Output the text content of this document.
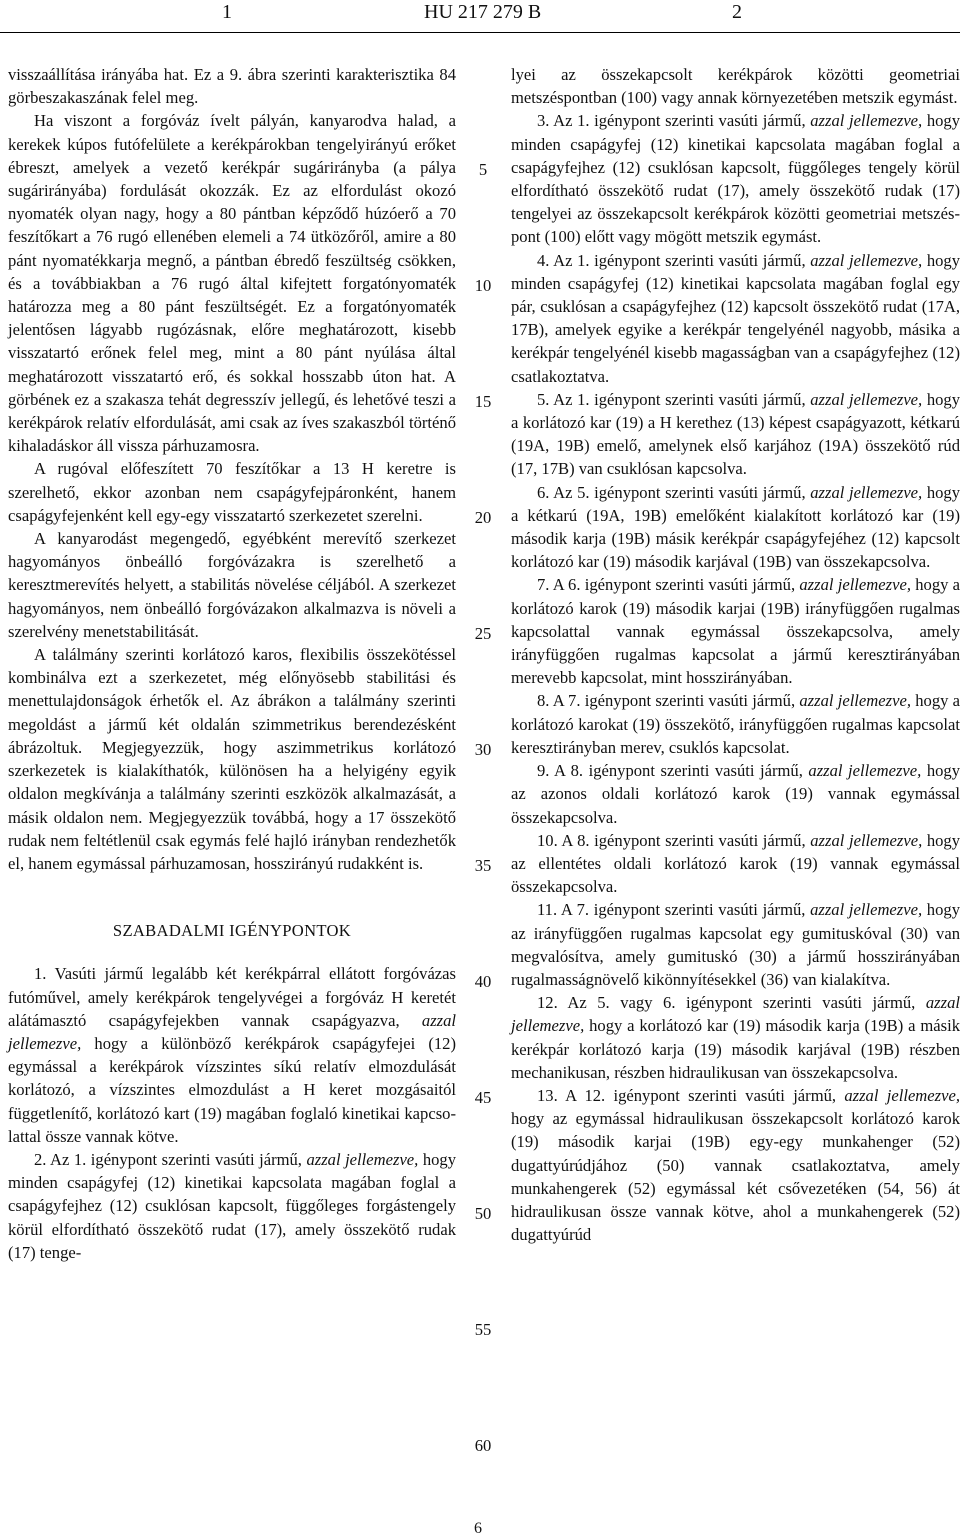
1	HU 217 279 B	2

visszaállítása irányába hat. Ez a 9. ábra szerinti karakterisztika 84 görbeszakaszának felel meg.

Ha viszont a forgóváz ívelt pályán, kanyarodva halad, a kerekek kúpos futófelülete a kerékpárokban tengelyirányú erőket ébreszt, amelyek a vezető kerékpár sugárirányba (a pálya sugárirányába) fordulását okozzák. Ez az elfordulást okozó nyomaték olyan nagy, hogy a 80 pántban képződő húzóerő a 70 feszítőkart a 76 rugó ellenében elemeli a 74 ütközőről, amire a 80 pánt nyomatékkarja megnő, a pántban ébredő feszültség csökken, és a továbbiakban a 76 rugó által kifejtett forgatónyomaték határozza meg a 80 pánt feszültségét. Ez a forgatónyomaték jelentősen lágyabb rugózásnak, előre meghatározott, kisebb visszatartó erőnek felel meg, mint a 80 pánt nyúlása által meghatározott visszatartó erő, és sokkal hosszabb úton hat. A görbének ez a szakasza tehát degresszív jellegű, és lehetővé teszi a kerékpárok relatív elfordulását, ami csak az íves szakaszból történő kihaladáskor áll vissza párhuzamosra.

A rugóval előfeszített 70 feszítőkar a 13 H keretre is szerelhető, ekkor azonban nem csapágyfejpáronként, hanem csapágyfejenként kell egy-egy visszatartó szerkezetet szerelni.

A kanyarodást megengedő, egyébként merevítő szerkezet hagyományos önbeálló forgóvázakra is szerelhető a keresztmerevítés helyett, a stabilitás növelése céljából. A szerkezet hagyományos, nem önbeálló forgóvázakon alkalmazva is növeli a szerelvény menetstabilitását.

A találmány szerinti korlátozó karos, flexibilis összekötéssel kombinálva ezt a szerkezetet, még előnyösebb stabilitási és menettulajdonságok érhetők el. Az ábrákon a találmány szerinti megoldást a jármű két oldalán szimmetrikus berendezésként ábrázoltuk. Megjegyezzük, hogy aszimmetrikus korlátozó szerkezetek is kialakíthatók, különösen ha a helyigény egyik oldalon megkívánja a találmány szerinti eszközök alkalmazását, a másik oldalon nem. Megjegyezzük továbbá, hogy a 17 összekötő rudak nem feltétlenül csak egymás felé hajló irányban rendezhetők el, hanem egymással párhuzamosan, hosszirányú rudakként is.

SZABADALMI IGÉNYPONTOK

1. Vasúti jármű legalább két kerékpárral ellátott forgóvázas futóművel, amely kerékpárok tengelyvégei a forgóváz H keretét alátámasztó csapágyfejekben vannak csapágyazva, azzal jellemezve, hogy a különböző kerékpárok csapágyfejei (12) egymással a kerékpárok vízszintes síkú relatív elmozdulását korlátozó, a vízszintes elmozdulást a H keret mozgásaitól függetlenítő, korlátozó kart (19) magában foglaló kinetikai kapcsolattal össze vannak kötve.

2. Az 1. igénypont szerinti vasúti jármű, azzal jellemezve, hogy minden csapágyfej (12) kinetikai kapcsolata magában foglal a csapágyfejhez (12) csuklósan kapcsolt, függőleges forgástengely körül elfordítható összekötő rudat (17), amely összekötő rudak (17) tenge-

5
10
15
20
25
30
35
40
45
50
55
60

lyei az összekapcsolt kerékpárok közötti geometriai metszéspontban (100) vagy annak környezetében metszik egymást.

3. Az 1. igénypont szerinti vasúti jármű, azzal jellemezve, hogy minden csapágyfej (12) kinetikai kapcsolata magában foglal a csapágyfejhez (12) csuklósan kapcsolt, függőleges tengely körül elfordítható összekötő rudat (17), amely összekötő rudak (17) tengelyei az összekapcsolt kerékpárok közötti geometriai metszéspont (100) előtt vagy mögött metszik egymást.

4. Az 1. igénypont szerinti vasúti jármű, azzal jellemezve, hogy minden csapágyfej (12) kinetikai kapcsolata magában foglal egy pár, csuklósan a csapágyfejhez (12) kapcsolt összekötő rudat (17A, 17B), amelyek egyike a kerékpár tengelyénél nagyobb, másika a kerékpár tengelyénél kisebb magasságban van a csapágyfejhez (12) csatlakoztatva.

5. Az 1. igénypont szerinti vasúti jármű, azzal jellemezve, hogy a korlátozó kar (19) a H kerethez (13) képest csapágyazott, kétkarú (19A, 19B) emelő, amelynek első karjához (19A) összekötő rúd (17, 17B) van csuklósan kapcsolva.

6. Az 5. igénypont szerinti vasúti jármű, azzal jellemezve, hogy a kétkarú (19A, 19B) emelőként kialakított korlátozó kar (19) második karja (19B) másik kerékpár csapágyfejéhez (12) kapcsolt korlátozó kar (19) második karjával (19B) van összekapcsolva.

7. A 6. igénypont szerinti vasúti jármű, azzal jellemezve, hogy a korlátozó karok (19) második karjai (19B) irányfüggően rugalmas kapcsolattal vannak egymással összekapcsolva, amely irányfüggően rugalmas kapcsolat a jármű keresztirányában merevebb kapcsolat, mint hosszirányában.

8. A 7. igénypont szerinti vasúti jármű, azzal jellemezve, hogy a korlátozó karokat (19) összekötő, irányfüggően rugalmas kapcsolat keresztirányban merev, csuklós kapcsolat.

9. A 8. igénypont szerinti vasúti jármű, azzal jellemezve, hogy az azonos oldali korlátozó karok (19) vannak egymással összekapcsolva.

10. A 8. igénypont szerinti vasúti jármű, azzal jellemezve, hogy az ellentétes oldali korlátozó karok (19) vannak egymással összekapcsolva.

11. A 7. igénypont szerinti vasúti jármű, azzal jellemezve, hogy az irányfüggően rugalmas kapcsolat egy gumituskóval (30) van megvalósítva, amely gumituskó (30) a jármű hosszirányában rugalmasságnövelő kikönnyítésekkel (36) van kialakítva.

12. Az 5. vagy 6. igénypont szerinti vasúti jármű, azzal jellemezve, hogy a korlátozó kar (19) második karja (19B) a másik kerékpár korlátozó karja (19) második karjával (19B) részben mechanikusan, részben hidraulikusan van összekapcsolva.

13. A 12. igénypont szerinti vasúti jármű, azzal jellemezve, hogy az egymással hidraulikusan összekapcsolt korlátozó karok (19) második karjai (19B) egy-egy munkahenger (52) dugattyúrúdjához (50) vannak csatlakoztatva, amely munkahengerek (52) egymással két csővezetéken (54, 56) át hidraulikusan össze vannak kötve, ahol a munkahengerek (52) dugattyúrúd

6
